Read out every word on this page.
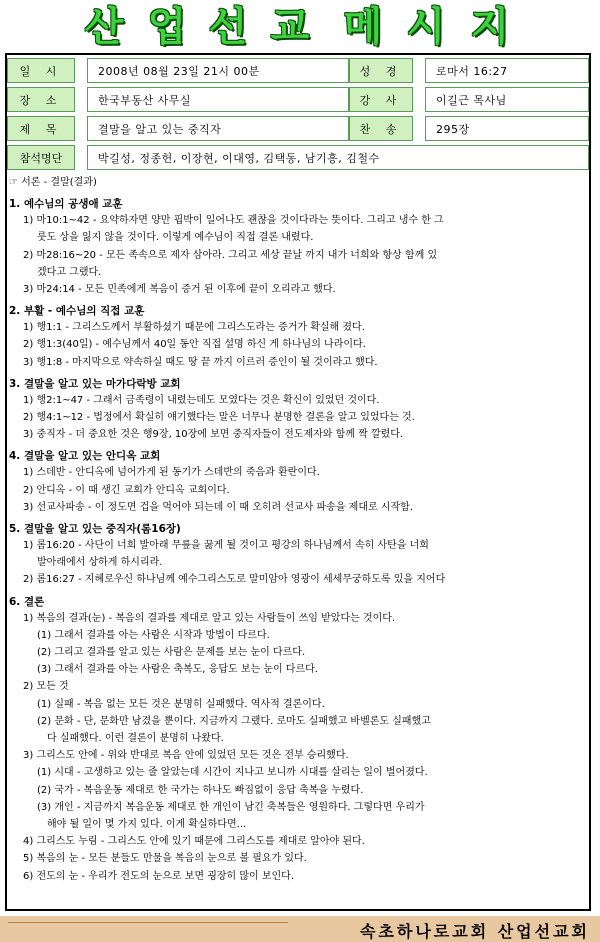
산 업 선 교 메 시 지
일 시	2008년 08월 23일 21시 00분	성 경	로마서 16:27
장 소	한국부동산 사무실	강 사	이길근 목사님
제 목	결말을 알고 있는 중직자	찬 송	295장
참석명단	박길성, 정종헌, 이장현, 이대영, 김택동, 남기흥, 김철수
☞ 서론 - 결말(결과)
1. 예수님의 공생애 교훈
1) 마10:1~42 - 요약하자면 양만 핍박이 일어나도 괜찮을 것이다라는 뜻이다. 그리고 냉수 한 그
룻도 상을 잃지 않을 것이다. 이렇게 예수님이 직접 결론 내렸다.
2) 마28:16~20 - 모든 족속으로 제자 삼아라. 그리고 세상 끝날 까지 내가 너희와 항상 함께 있
겠다고 그랬다.
3) 마24:14 - 모든 민족에게 복음이 증거 된 이후에 끝이 오리라고 했다.
2. 부활 - 예수님의 직접 교훈
1) 행1:1 - 그리스도께서 부활하셨기 때문에 그리스도라는 증거가 확실해 졌다.
2) 행1:3(40일) - 예수님께서 40일 동안 직접 설명 하신 게 하나님의 나라이다.
3) 행1:8 - 마지막으로 약속하실 때도 땅 끝 까지 이르러 증인이 될 것이라고 했다.
3. 결말을 알고 있는 마가다락방 교회
1) 행2:1~47 - 그래서 금족령이 내렸는데도 모였다는 것은 확신이 있었던 것이다.
2) 행4:1~12 - 법정에서 확실히 얘기했다는 말은 너무나 분명한 결론을 알고 있었다는 것.
3) 중직자 - 더 중요한 것은 행9장, 10장에 보면 중직자들이 전도제자와 함께 짝 깔렸다.
4. 결말을 알고 있는 안디옥 교회
1) 스데반 - 안디옥에 넘어가게 된 동기가 스데반의 죽음과 환란이다.
2) 안디옥 - 이 때 생긴 교회가 안디옥 교회이다.
3) 선교사파송 - 이 정도면 겁을 먹어야 되는데 이 때 오히려 선교사 파송을 제대로 시작함.
5. 결말을 알고 있는 중직자(롬16장)
1) 롬16:20 - 사단이 너희 발아래 무릎을 꿇게 될 것이고 평강의 하나님께서 속히 사탄을 너희
발아래에서 상하게 하시리라.
2) 롬16:27 - 지혜로우신 하나님께 예수그리스도로 말미암아 영광이 세세무궁하도록 있을 지어다
6. 결론
1) 복음의 결과(눈) - 복음의 결과를 제대로 알고 있는 사람들이 쓰임 받았다는 것이다.
(1) 그래서 결과를 아는 사람은 시작과 방법이 다르다.
(2) 그리고 결과를 알고 있는 사람은 문제를 보는 눈이 다르다.
(3) 그래서 결과를 아는 사람은 축복도, 응답도 보는 눈이 다르다.
2) 모든 것
(1) 실패 - 복음 없는 모든 것은 분명히 실패했다. 역사적 결론이다.
(2) 문화 - 단, 문화만 남겼을 뿐이다. 지금까지 그랬다. 로마도 실패했고 바벨론도 실패했고
다 실패했다. 이런 결론이 분명히 나왔다.
3) 그리스도 안에 - 위와 반대로 복음 안에 있었던 모든 것은 전부 승리했다.
(1) 시대 - 고생하고 있는 줄 알았는데 시간이 지나고 보니까 시대를 살리는 일이 벌어졌다.
(2) 국가 - 복음운동 제대로 한 국가는 하나도 빠짐없이 응답 축복을 누렸다.
(3) 개인 - 지금까지 복음운동 제대로 한 개인이 남긴 축복들은 영원하다. 그렇다면 우리가
해야 될 일이 몇 가지 있다. 이게 확실하다면...
4) 그리스도 누림 - 그리스도 안에 있기 때문에 그리스도를 제대로 알아야 된다.
5) 복음의 눈 - 모든 분들도 만물을 복음의 눈으로 볼 필요가 있다.
6) 전도의 눈 - 우리가 전도의 눈으로 보면 굉장히 많이 보인다.
속초하나로교회 산업선교회
